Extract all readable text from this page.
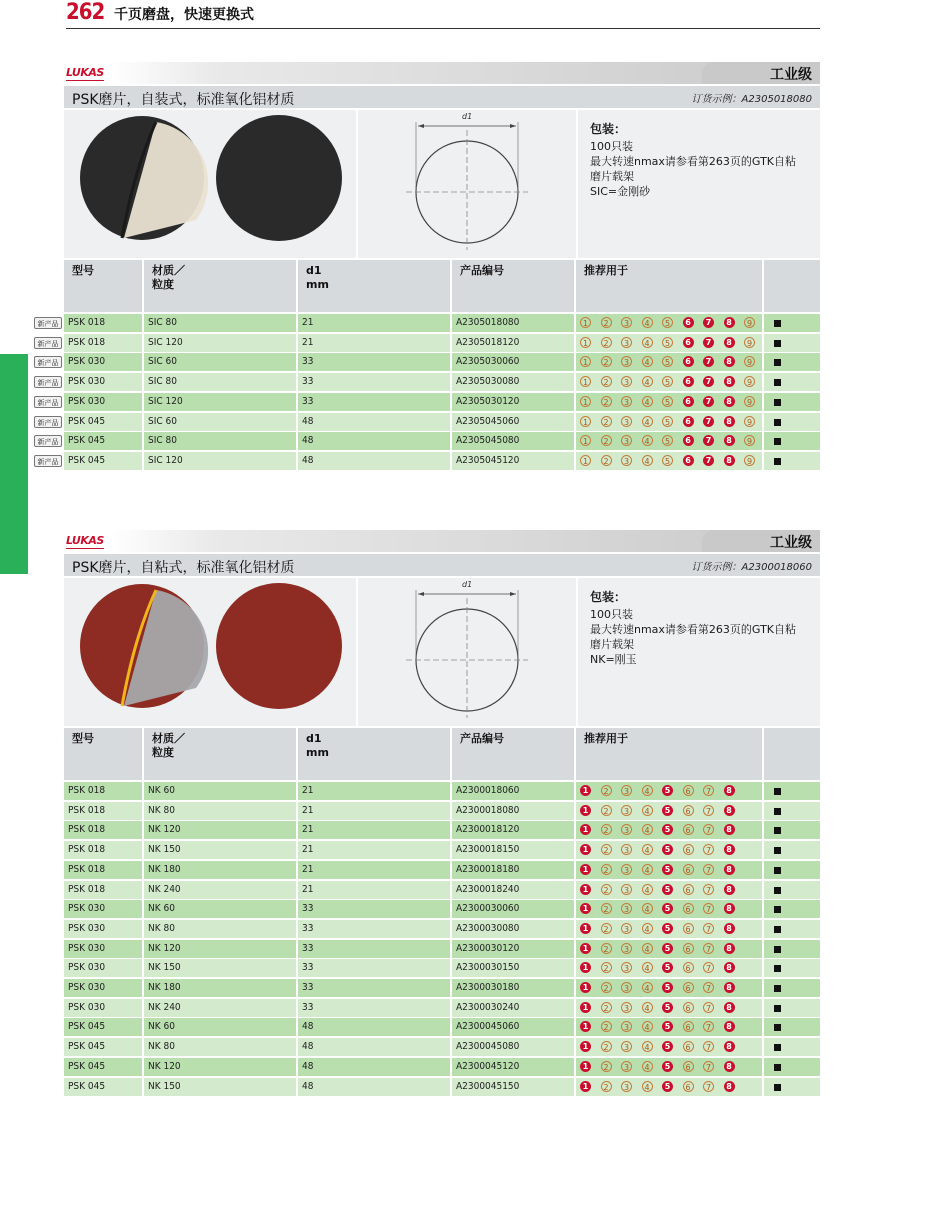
262 千页磨盘，快速更换式
LUKAS	工业级
PSK磨片，自装式，标准氧化铝材质	订货示例：A2305018080
d1
包装：
100只装
最大转速nmax请参看第263页的GTK自粘
磨片载架
SIC=金刚砂
型号	材质／
粒度
d1
mm
产品编号	推荐用于
新产品 PSK 018	SIC 80	21	A2305018080	1	2	3	4	5	6	7	8	9
新产品 PSK 018	SIC 120	21	A2305018120	1	2	3	4	5	6	7	8	9
新产品 PSK 030	SIC 60	33	A2305030060	1	2	3	4	5	6	7	8	9
新产品 PSK 030	SIC 80	33	A2305030080	1	2	3	4	5	6	7	8	9
新产品 PSK 030	SIC 120	33	A2305030120	1	2	3	4	5	6	7	8	9
新产品 PSK 045	SIC 60	48	A2305045060	1	2	3	4	5	6	7	8	9
新产品 PSK 045	SIC 80	48	A2305045080	1	2	3	4	5	6	7	8	9
新产品 PSK 045	SIC 120	48	A2305045120	1	2	3	4	5	6	7	8	9
LUKAS	工业级
PSK磨片，自粘式，标准氧化铝材质	订货示例：A2300018060
d1
包装：
100只装
最大转速nmax请参看第263页的GTK自粘
磨片载架
NK=刚玉
型号	材质／
粒度
d1
mm
产品编号	推荐用于
PSK 018	NK 60	21	A2300018060	1	2	3	4	5	6	7	8
PSK 018	NK 80	21	A2300018080	1	2	3	4	5	6	7	8
PSK 018	NK 120	21	A2300018120	1	2	3	4	5	6	7	8
PSK 018	NK 150	21	A2300018150	1	2	3	4	5	6	7	8
PSK 018	NK 180	21	A2300018180	1	2	3	4	5	6	7	8
PSK 018	NK 240	21	A2300018240	1	2	3	4	5	6	7	8
PSK 030	NK 60	33	A2300030060	1	2	3	4	5	6	7	8
PSK 030	NK 80	33	A2300030080	1	2	3	4	5	6	7	8
PSK 030	NK 120	33	A2300030120	1	2	3	4	5	6	7	8
PSK 030	NK 150	33	A2300030150	1	2	3	4	5	6	7	8
PSK 030	NK 180	33	A2300030180	1	2	3	4	5	6	7	8
PSK 030	NK 240	33	A2300030240	1	2	3	4	5	6	7	8
PSK 045	NK 60	48	A2300045060	1	2	3	4	5	6	7	8
PSK 045	NK 80	48	A2300045080	1	2	3	4	5	6	7	8
PSK 045	NK 120	48	A2300045120	1	2	3	4	5	6	7	8
PSK 045	NK 150	48	A2300045150	1	2	3	4	5	6	7	8
